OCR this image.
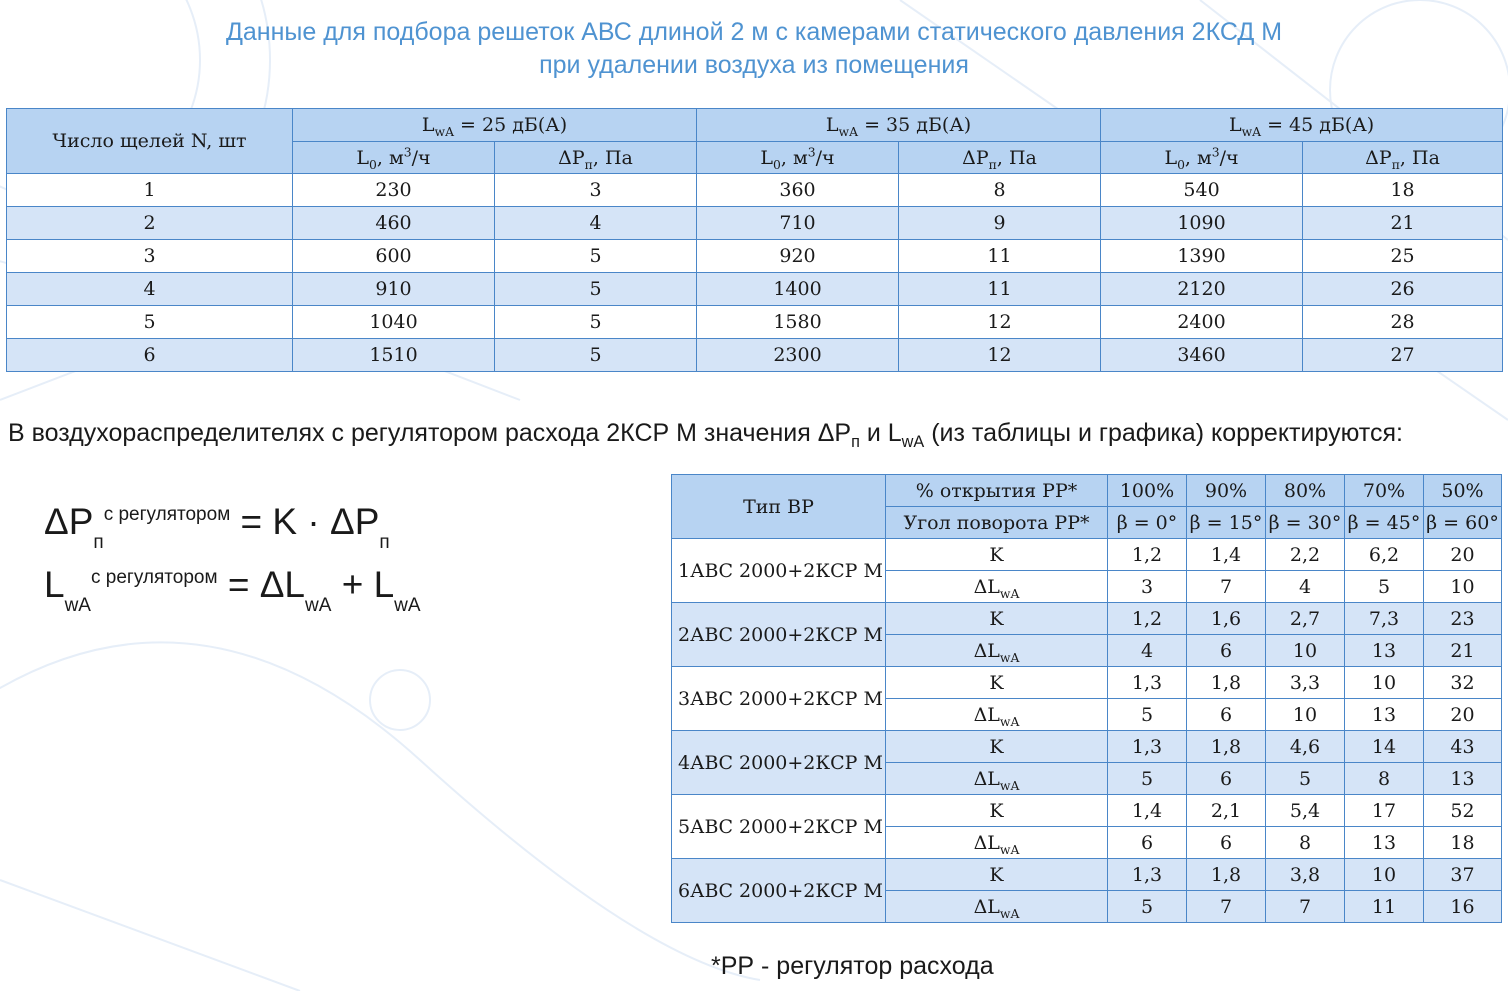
Данные для подбора решеток АВС длиной 2 м с камерами статического давления 2КСД М
при удалении воздуха из помещения
Число щелей N, шт	$L_{wA} = 25$ дБ(А)		$L_{wA} = 35$ дБ(А)		$L_{wA} = 45$ дБ(А)	
	$L_0$, $м^3/ч$	$\Delta P_п$, Па	$L_0$, $м^3/ч$	$\Delta P_п$, Па	$L_0$, $м^3/ч$	$\Delta P_п$, Па
1	230	3	360	8	540	18
2	460	4	710	9	1090	21
3	600	5	920	11	1390	25
4	910	5	1400	11	2120	26
5	1040	5	1580	12	2400	28
6	1510	5	2300	12	3460	27
В воздухораспределителях с регулятором расхода 2КСР М значения $\Delta P_п$ и $L_{wA}$ (из таблицы и графика) корректируются:
$\Delta P_п^{с регулятором} = K \cdot \Delta P_п$
$L_{wA}^{с регулятором} = \Delta L_{wA} + L_{wA}$
Тип ВР	% открытия РР*	100%	90%	80%	70%	50%
	Угол поворота РР*	β = 0°	β = 15°	β = 30°	β = 45°	β = 60°
1АВС 2000+2КСР М	K	1,2	1,4	2,2	6,2	20
	$\Delta L_{wA}$	3	7	4	5	10
2АВС 2000+2КСР М	K	1,2	1,6	2,7	7,3	23
	$\Delta L_{wA}$	4	6	10	13	21
3АВС 2000+2КСР М	K	1,3	1,8	3,3	10	32
	$\Delta L_{wA}$	5	6	10	13	20
4АВС 2000+2КСР М	K	1,3	1,8	4,6	14	43
	$\Delta L_{wA}$	5	6	5	8	13
5АВС 2000+2КСР М	K	1,4	2,1	5,4	17	52
	$\Delta L_{wA}$	6	6	8	13	18
6АВС 2000+2КСР М	K	1,3	1,8	3,8	10	37
	$\Delta L_{wA}$	5	7	7	11	16
*РР - регулятор расхода
